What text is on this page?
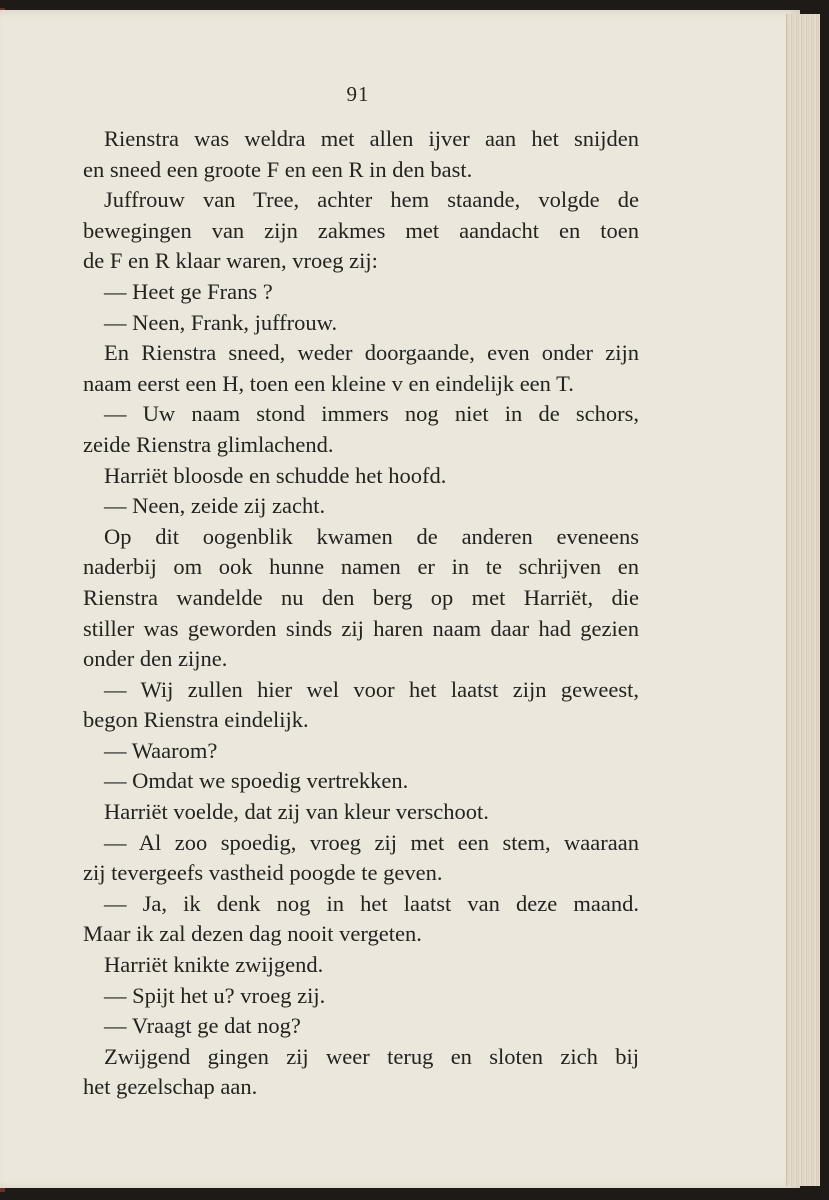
91
Rienstra was weldra met allen ijver aan het snijden
en sneed een groote F en een R in den bast.
Juffrouw van Tree, achter hem staande, volgde de
bewegingen van zijn zakmes met aandacht en toen
de F en R klaar waren, vroeg zij:
— Heet ge Frans ?
— Neen, Frank, juffrouw.
En Rienstra sneed, weder doorgaande, even onder zijn
naam eerst een H, toen een kleine v en eindelijk een T.
— Uw naam stond immers nog niet in de schors,
zeide Rienstra glimlachend.
Harriët bloosde en schudde het hoofd.
— Neen, zeide zij zacht.
Op dit oogenblik kwamen de anderen eveneens
naderbij om ook hunne namen er in te schrijven en
Rienstra wandelde nu den berg op met Harriët, die
stiller was geworden sinds zij haren naam daar had gezien
onder den zijne.
— Wij zullen hier wel voor het laatst zijn geweest,
begon Rienstra eindelijk.
— Waarom?
— Omdat we spoedig vertrekken.
Harriët voelde, dat zij van kleur verschoot.
— Al zoo spoedig, vroeg zij met een stem, waaraan
zij tevergeefs vastheid poogde te geven.
— Ja, ik denk nog in het laatst van deze maand.
Maar ik zal dezen dag nooit vergeten.
Harriët knikte zwijgend.
— Spijt het u? vroeg zij.
— Vraagt ge dat nog?
Zwijgend gingen zij weer terug en sloten zich bij
het gezelschap aan.
